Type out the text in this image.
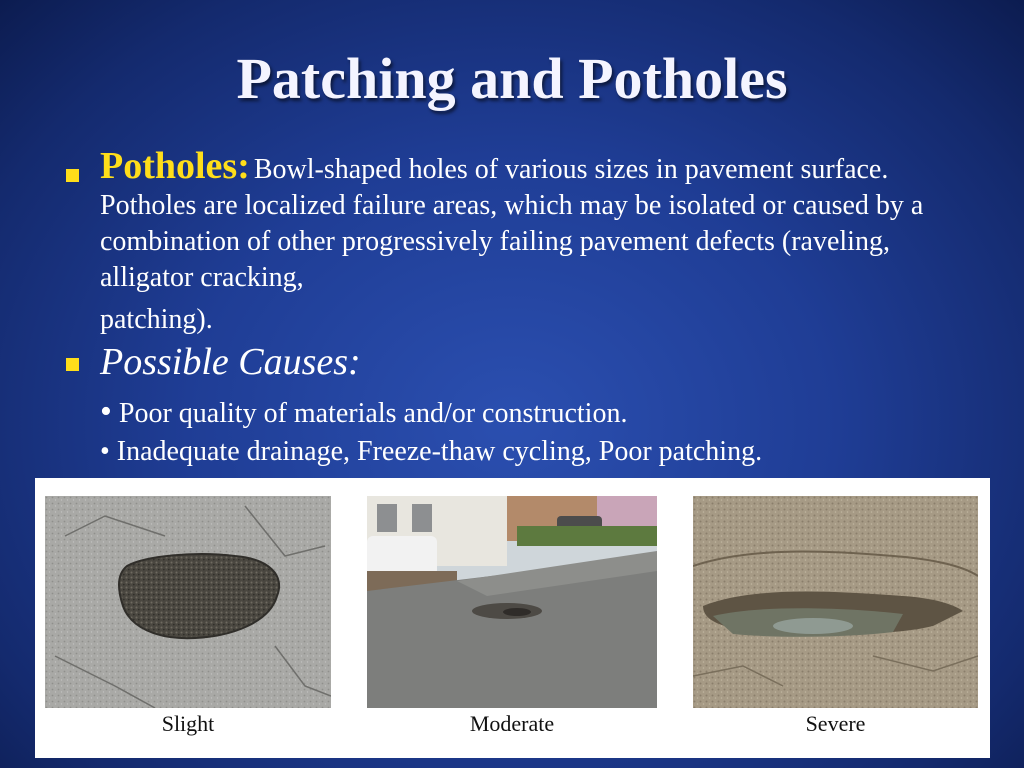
Patching and Potholes
Potholes: Bowl-shaped holes of various sizes in pavement surface. Potholes are localized failure areas, which may be isolated or caused by a combination of other progressively failing pavement defects (raveling, alligator cracking,
patching).
Possible Causes:
• Poor quality of materials and/or construction.
• Inadequate drainage, Freeze-thaw cycling, Poor patching.
Slight	Moderate	Severe
